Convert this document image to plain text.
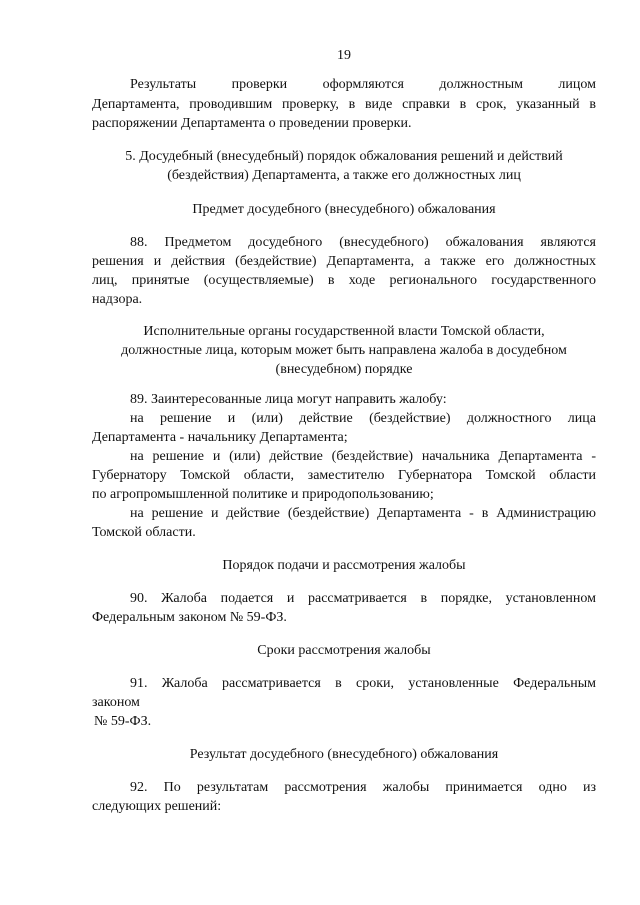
19
Результаты проверки оформляются должностным лицом
Департамента, проводившим проверку, в виде справки в срок, указанный в
распоряжении Департамента о проведении проверки.
5. Досудебный (внесудебный) порядок обжалования решений и действий
(бездействия) Департамента, а также его должностных лиц
Предмет досудебного (внесудебного) обжалования
88. Предметом досудебного (внесудебного) обжалования являются
решения и действия (бездействие) Департамента, а также его должностных
лиц, принятые (осуществляемые) в ходе регионального государственного
надзора.
Исполнительные органы государственной власти Томской области,
должностные лица, которым может быть направлена жалоба в досудебном
(внесудебном) порядке
89. Заинтересованные лица могут направить жалобу:
на решение и (или) действие (бездействие) должностного лица
Департамента - начальнику Департамента;
на решение и (или) действие (бездействие) начальника Департамента -
Губернатору Томской области, заместителю Губернатора Томской области
по агропромышленной политике и природопользованию;
на решение и действие (бездействие) Департамента - в Администрацию
Томской области.
Порядок подачи и рассмотрения жалобы
90. Жалоба подается и рассматривается в порядке, установленном
Федеральным законом № 59-ФЗ.
Сроки рассмотрения жалобы
91. Жалоба рассматривается в сроки, установленные Федеральным
законом
№ 59-ФЗ.
Результат досудебного (внесудебного) обжалования
92. По результатам рассмотрения жалобы принимается одно из
следующих решений:
